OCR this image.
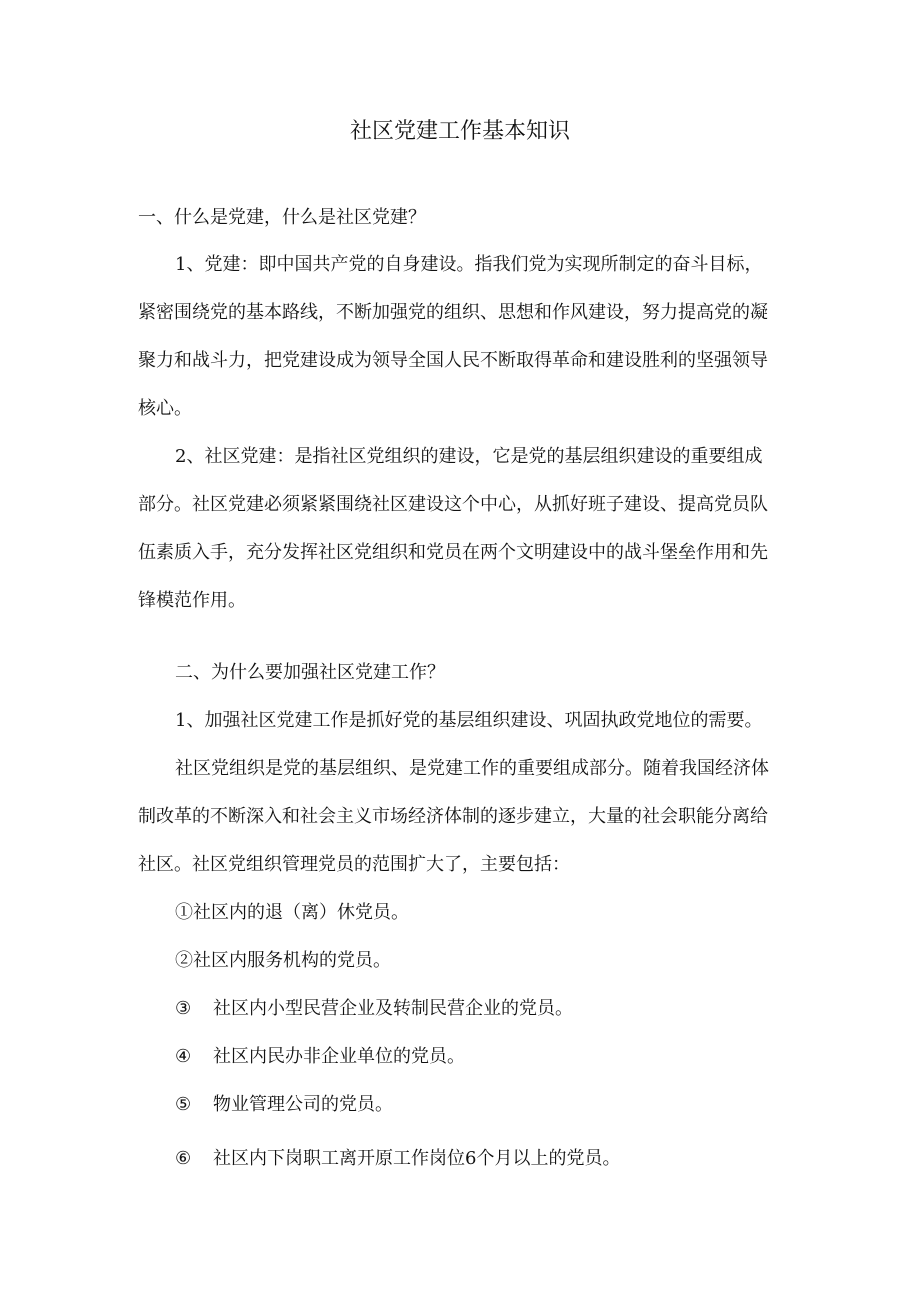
社区党建工作基本知识
一、什么是党建，什么是社区党建？
1、党建：即中国共产党的自身建设。指我们党为实现所制定的奋斗目标，
紧密围绕党的基本路线，不断加强党的组织、思想和作风建设，努力提高党的凝
聚力和战斗力，把党建设成为领导全国人民不断取得革命和建设胜利的坚强领导
核心。
2、社区党建：是指社区党组织的建设，它是党的基层组织建设的重要组成
部分。社区党建必须紧紧围绕社区建设这个中心，从抓好班子建设、提高党员队
伍素质入手，充分发挥社区党组织和党员在两个文明建设中的战斗堡垒作用和先
锋模范作用。
二、为什么要加强社区党建工作？
1、加强社区党建工作是抓好党的基层组织建设、巩固执政党地位的需要。
社区党组织是党的基层组织、是党建工作的重要组成部分。随着我国经济体
制改革的不断深入和社会主义市场经济体制的逐步建立，大量的社会职能分离给
社区。社区党组织管理党员的范围扩大了，主要包括：
①社区内的退（离）休党员。
②社区内服务机构的党员。
③ 社区内小型民营企业及转制民营企业的党员。
④ 社区内民办非企业单位的党员。
⑤ 物业管理公司的党员。
⑥ 社区内下岗职工离开原工作岗位6个月以上的党员。
